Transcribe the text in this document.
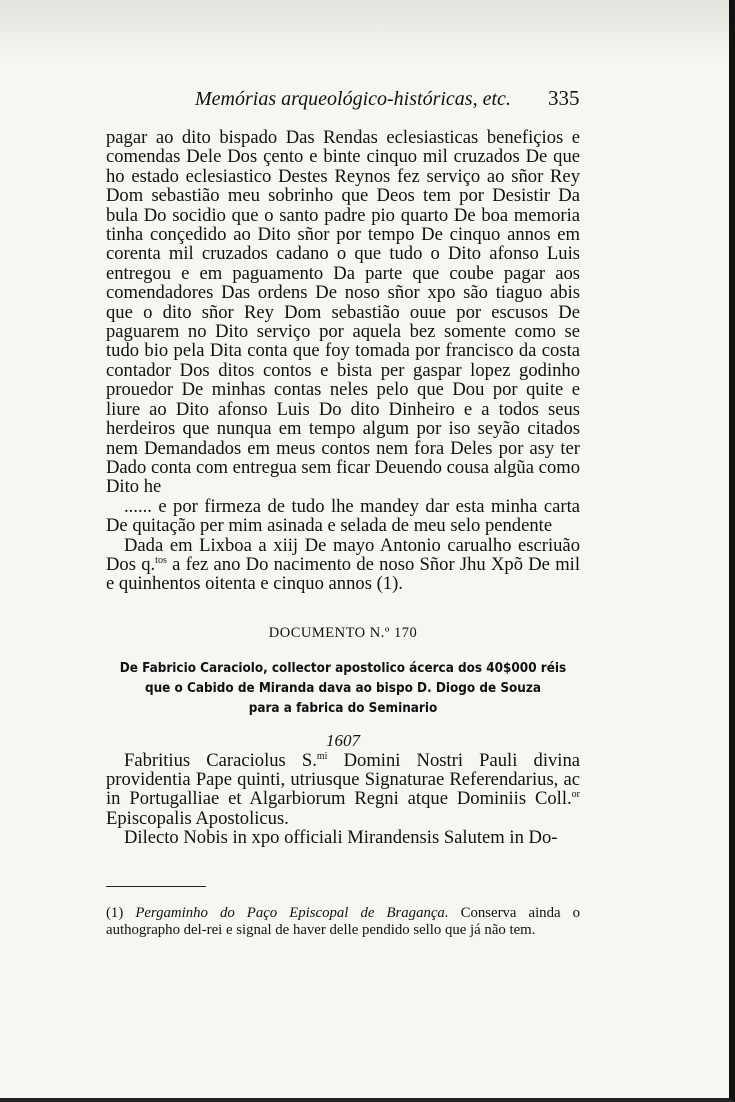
Memórias arqueológico-históricas, etc.	335

pagar ao dito bispado Das Rendas eclesiasticas benefiçios e comendas Dele Dos çento e binte cinquo mil cruzados De que ho estado eclesiastico Destes Reynos fez serviço ao sñor Rey Dom sebastião meu sobrinho que Deos tem por Desistir Da bula Do socidio que o santo padre pio quarto De boa memoria tinha conçedido ao Dito sñor por tempo De cinquo annos em corenta mil cruzados cadano o que tudo o Dito afonso Luis entregou e em paguamento Da parte que coube pagar aos comendadores Das ordens De noso sñor xpo são tiaguo abis que o dito sñor Rey Dom sebastião ouue por escusos De paguarem no Dito serviço por aquela bez somente como se tudo bio pela Dita conta que foy tomada por francisco da costa contador Dos ditos contos e bista per gaspar lopez godinho prouedor De minhas contas neles pelo que Dou por quite e liure ao Dito afonso Luis Do dito Dinheiro e a todos seus herdeiros que nunqua em tempo algum por iso seyão citados nem Demandados em meus contos nem fora Deles por asy ter Dado conta com entregua sem ficar Deuendo cousa algũa como Dito he

...... e por firmeza de tudo lhe mandey dar esta minha carta De quitação per mim asinada e selada de meu selo pendente

Dada em Lixboa a xiij De mayo Antonio carualho escriuão Dos q.$^{tos}$ a fez ano Do nacimento de noso Sñor Jhu Xpõ De mil e quinhentos oitenta e cinquo annos (1).

DOCUMENTO N.º 170
De Fabricio Caraciolo, collector apostolico ácerca dos 40$000 réis
que o Cabido de Miranda dava ao bispo D. Diogo de Souza
para a fabrica do Seminario
1607

Fabritius Caraciolus S.$^{mi}$ Domini Nostri Pauli divina providentia Pape quinti, utriusque Signaturae Referendarius, ac in Portugalliae et Algarbiorum Regni atque Dominiis Coll.$^{or}$ Episcopalis Apostolicus.

Dilecto Nobis in xpo officiali Mirandensis Salutem in Do-

(1) Pergaminho do Paço Episcopal de Bragança. Conserva ainda o authographo del-rei e signal de haver delle pendido sello que já não tem.
